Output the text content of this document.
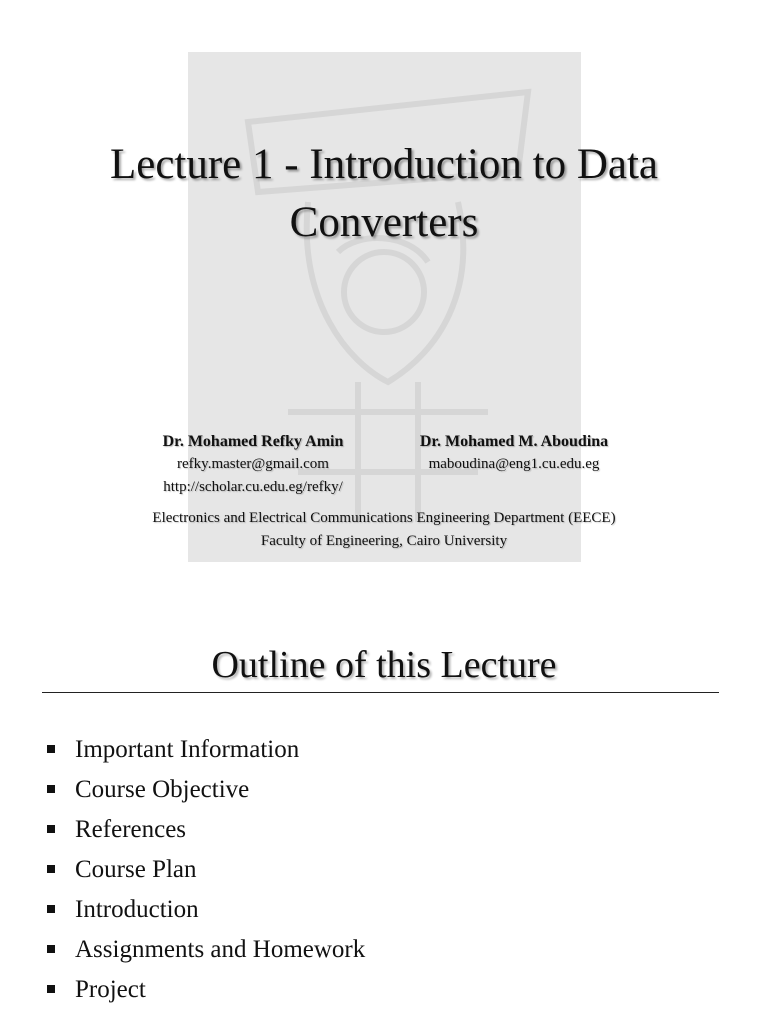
Lecture 1 - Introduction to Data
Converters
Dr. Mohamed Refky Amin
refky.master@gmail.com
http://scholar.cu.edu.eg/refky/
Dr. Mohamed M. Aboudina
maboudina@eng1.cu.edu.eg
Electronics and Electrical Communications Engineering Department (EECE)
Faculty of Engineering, Cairo University
Outline of this Lecture
Important Information
Course Objective
References
Course Plan
Introduction
Assignments and Homework
Project
